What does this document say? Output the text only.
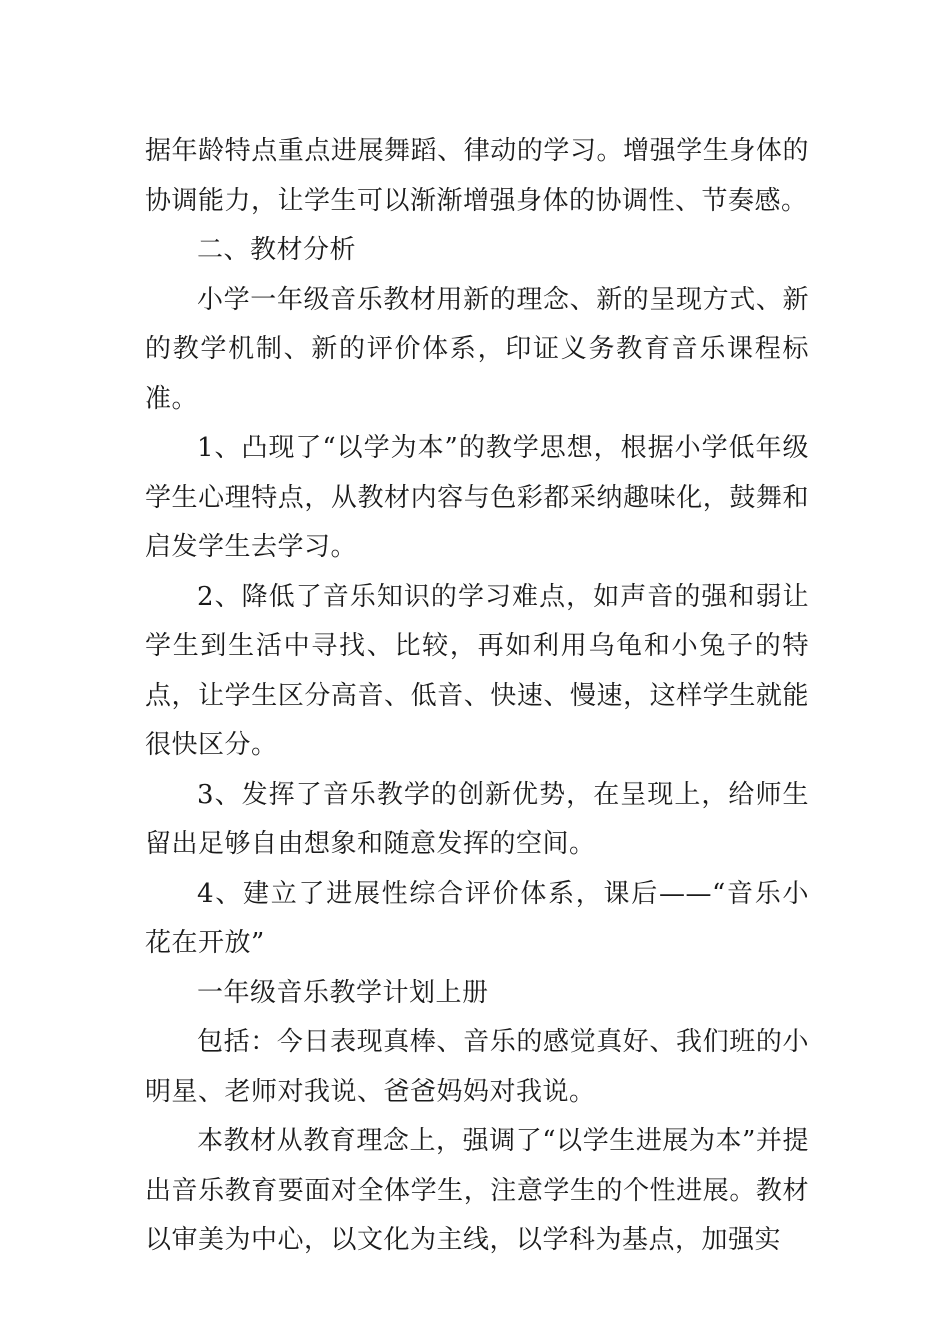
据年龄特点重点进展舞蹈、律动的学习。增强学生身体的协调能力，让学生可以渐渐增强身体的协调性、节奏感。

二、教材分析

小学一年级音乐教材用新的理念、新的呈现方式、新的教学机制、新的评价体系，印证义务教育音乐课程标准。

1、凸现了“以学为本”的教学思想，根据小学低年级学生心理特点，从教材内容与色彩都采纳趣味化，鼓舞和启发学生去学习。

2、降低了音乐知识的学习难点，如声音的强和弱让学生到生活中寻找、比较，再如利用乌龟和小兔子的特点，让学生区分高音、低音、快速、慢速，这样学生就能很快区分。

3、发挥了音乐教学的创新优势，在呈现上，给师生留出足够自由想象和随意发挥的空间。

4、建立了进展性综合评价体系，课后——“音乐小花在开放”

一年级音乐教学计划上册

包括：今日表现真棒、音乐的感觉真好、我们班的小明星、老师对我说、爸爸妈妈对我说。

本教材从教育理念上，强调了“以学生进展为本”并提出音乐教育要面对全体学生，注意学生的个性进展。教材以审美为中心，以文化为主线，以学科为基点，加强实
